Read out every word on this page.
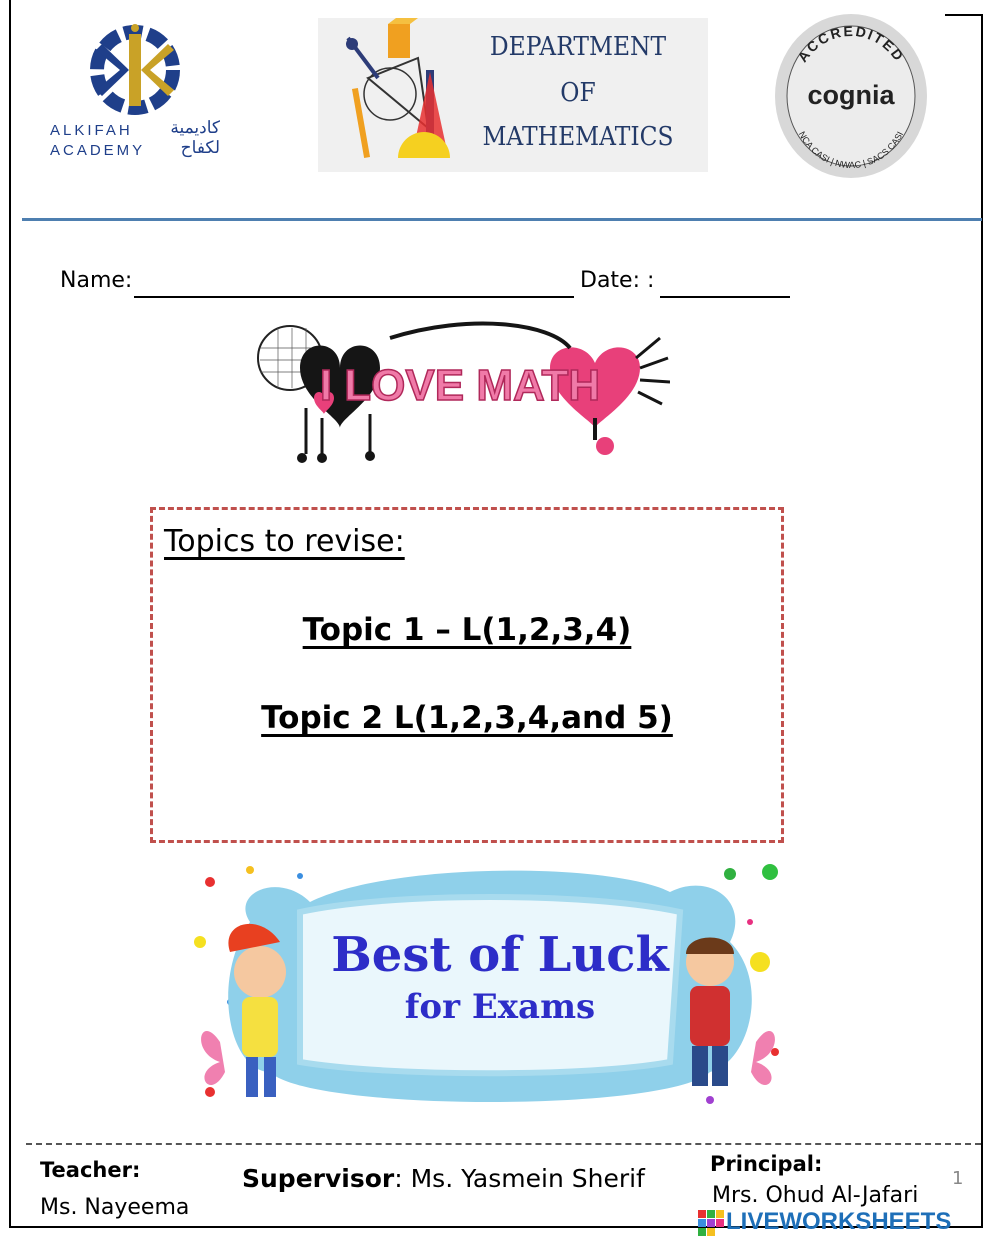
ALKIFAH
ACADEMY
كاديمية
لكفاح
DEPARTMENT
OF
MATHEMATICS
ACCREDITED
NCA CASI | NWAC | SACS CASI
cognia
Name:	Date: :
I LOVE MATH
Topics to revise:
Topic 1 – L(1,2,3,4)
Topic 2 L(1,2,3,4,and 5)
Best of Luck
for Exams
Teacher:
Ms. Nayeema
Supervisor: Ms. Yasmein Sherif	Principal:
Mrs. Ohud Al-Jafari
1
LIVEWORKSHEETS
